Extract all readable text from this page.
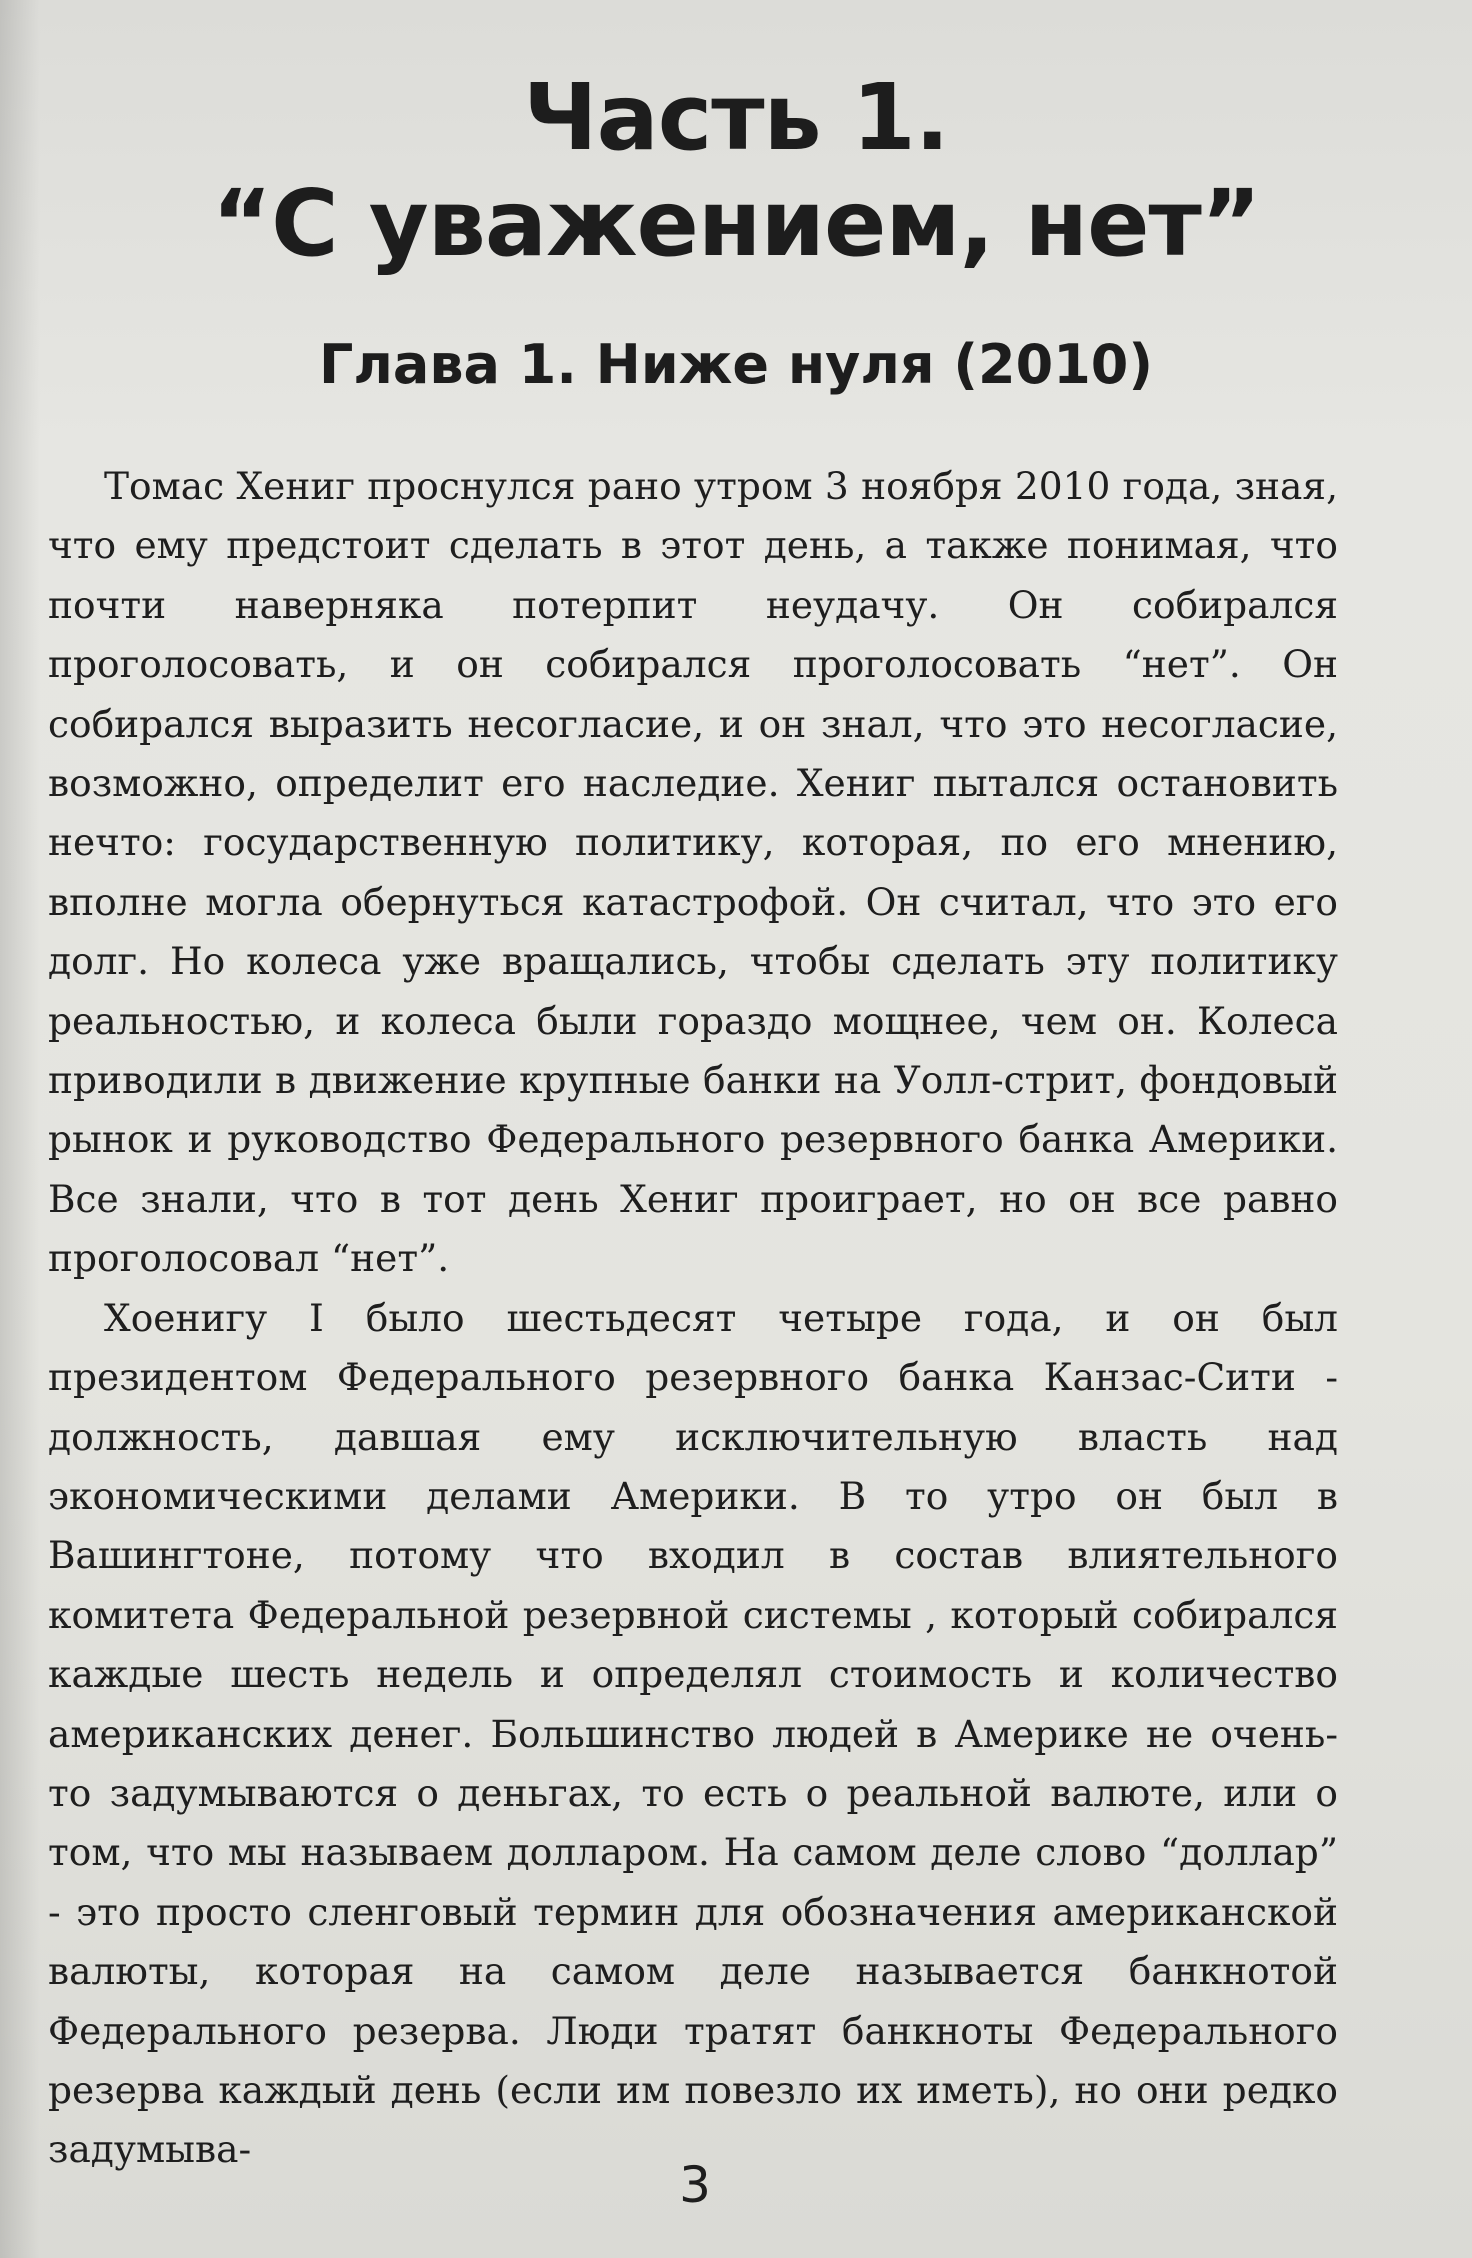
Часть 1.
“С уважением, нет”
Глава 1. Ниже нуля (2010)

Томас Хениг проснулся рано утром 3 ноября 2010 года, зная, что ему предстоит сделать в этот день, а также понимая, что почти наверняка потерпит неудачу. Он собирался проголосовать, и он собирался проголосовать “нет”. Он собирался выразить несогласие, и он знал, что это несогласие, возможно, определит его наследие. Хениг пытался остановить нечто: государственную политику, которая, по его мнению, вполне могла обернуться катастрофой. Он считал, что это его долг. Но колеса уже вращались, чтобы сделать эту политику реальностью, и колеса были гораздо мощнее, чем он. Колеса приводили в движение крупные банки на Уолл-стрит, фондовый рынок и руководство Федерального резервного банка Америки. Все знали, что в тот день Хениг проиграет, но он все равно проголосовал “нет”.

Хоенигу I было шестьдесят четыре года, и он был президентом Федерального резервного банка Канзас-Сити - должность, давшая ему исключительную власть над экономическими делами Америки. В то утро он был в Вашингтоне, потому что входил в состав влиятельного комитета Федеральной резервной системы , который собирался каждые шесть недель и определял стоимость и количество американских денег. Большинство людей в Америке не очень-то задумываются о деньгах, то есть о реальной валюте, или о том, что мы называем долларом. На самом деле слово “доллар” - это просто сленговый термин для обозначения американской валюты, которая на самом деле называется банкнотой Федерального резерва. Люди тратят банкноты Федерального резерва каждый день (если им повезло их иметь), но они редко задумыва-

3
